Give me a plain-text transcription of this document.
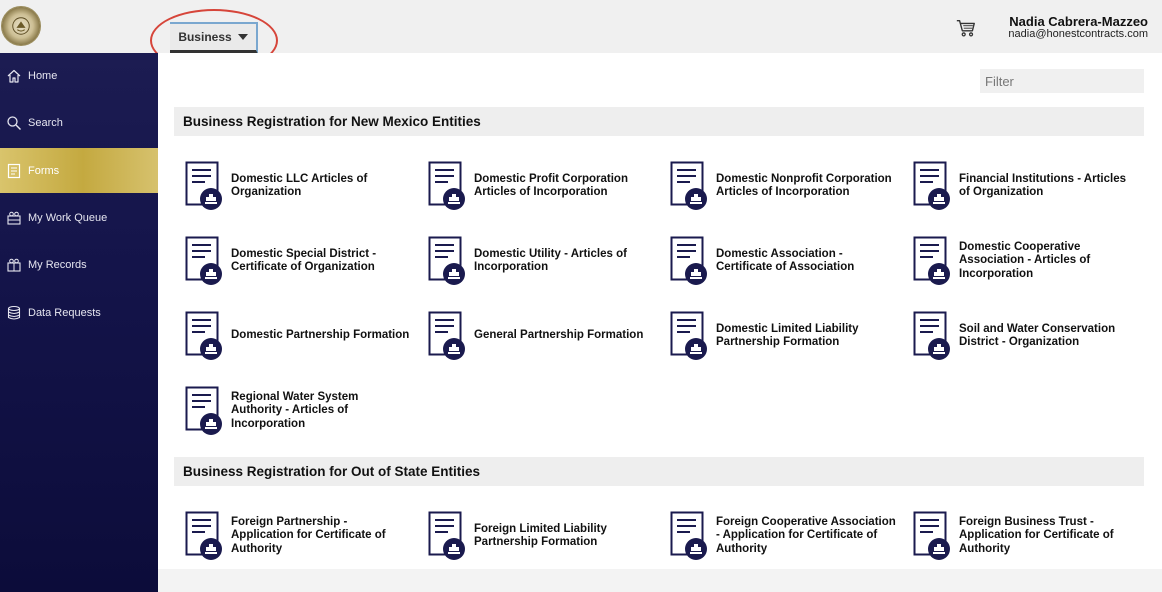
Business
Nadia Cabrera-Mazzeo
nadia@honestcontracts.com
Home
Search
Forms
My Work Queue
My Records
Data Requests
Filter
Business Registration for New Mexico Entities
Domestic LLC Articles of Organization
Domestic Profit Corporation Articles of Incorporation
Domestic Nonprofit Corporation Articles of Incorporation
Financial Institutions - Articles of Organization
Domestic Special District - Certificate of Organization
Domestic Utility - Articles of Incorporation
Domestic Association - Certificate of Association
Domestic Cooperative Association - Articles of Incorporation
Domestic Partnership Formation	General Partnership Formation
Domestic Limited Liability Partnership Formation
Soil and Water Conservation District - Organization
Regional Water System Authority - Articles of Incorporation
Business Registration for Out of State Entities
Foreign Partnership - Application for Certificate of Authority
Foreign Limited Liability Partnership Formation
Foreign Cooperative Association - Application for Certificate of Authority
Foreign Business Trust - Application for Certificate of Authority
